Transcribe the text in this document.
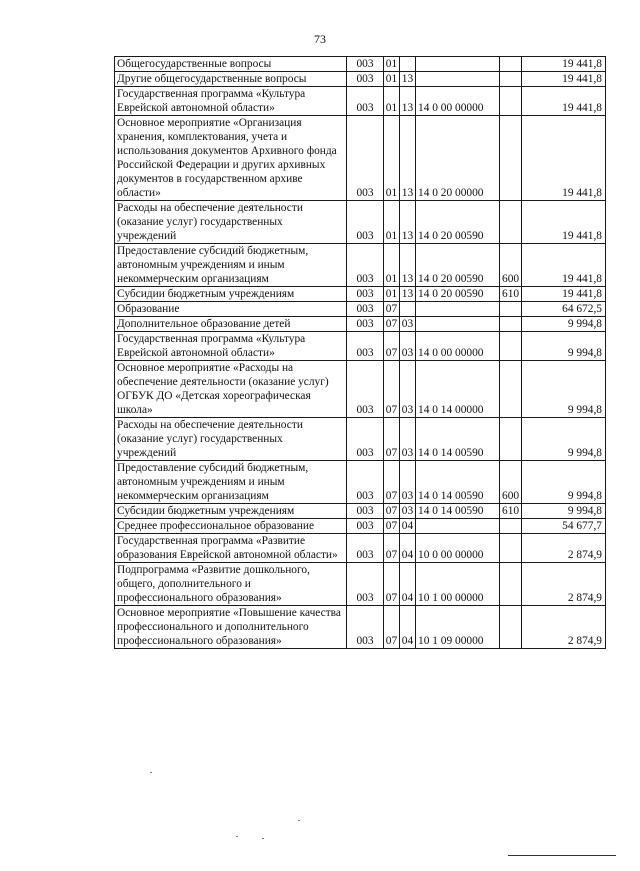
73
Общегосударственные вопросы	003	01				19 441,8
Другие общегосударственные вопросы	003	01	13			19 441,8
Государственная программа «Культура Еврейской автономной области»	003	01	13	14 0 00 00000		19 441,8
Основное мероприятие «Организация хранения, комплектования, учета и использования документов Архивного фонда Российской Федерации и других архивных документов в государственном архиве области»	003	01	13	14 0 20 00000		19 441,8
Расходы на обеспечение деятельности (оказание услуг) государственных учреждений	003	01	13	14 0 20 00590		19 441,8
Предоставление субсидий бюджетным, автономным учреждениям и иным некоммерческим организациям	003	01	13	14 0 20 00590	600	19 441,8
Субсидии бюджетным учреждениям	003	01	13	14 0 20 00590	610	19 441,8
Образование	003	07				64 672,5
Дополнительное образование детей	003	07	03			9 994,8
Государственная программа «Культура Еврейской автономной области»	003	07	03	14 0 00 00000		9 994,8
Основное мероприятие «Расходы на обеспечение деятельности (оказание услуг) ОГБУК ДО «Детская хореографическая школа»	003	07	03	14 0 14 00000		9 994,8
Расходы на обеспечение деятельности (оказание услуг) государственных учреждений	003	07	03	14 0 14 00590		9 994,8
Предоставление субсидий бюджетным, автономным учреждениям и иным некоммерческим организациям	003	07	03	14 0 14 00590	600	9 994,8
Субсидии бюджетным учреждениям	003	07	03	14 0 14 00590	610	9 994,8
Среднее профессиональное образование	003	07	04			54 677,7
Государственная программа «Развитие образования Еврейской автономной области»	003	07	04	10 0 00 00000		2 874,9
Подпрограмма «Развитие дошкольного, общего, дополнительного и профессионального образования»	003	07	04	10 1 00 00000		2 874,9
Основное мероприятие «Повышение качества профессионального и дополнительного профессионального образования»	003	07	04	10 1 09 00000		2 874,9
